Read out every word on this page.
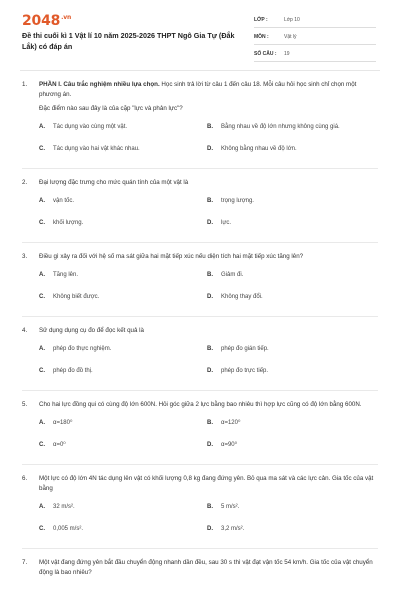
$2048^{.vn}$
Đề thi cuối kì 1 Vật lí 10 năm 2025-2026 THPT Ngô Gia Tự (Đắk Lắk) có đáp án
LỚP :	Lớp 10
MÔN :	Vật lý
SỐ CÂU :	19
1.	PHẦN I. Câu trắc nghiệm nhiều lựa chọn. Học sinh trả lời từ câu 1 đến câu 18. Mỗi câu hỏi học sinh chỉ chọn một phương án.
Đặc điểm nào sau đây là của cặp "lực và phản lực"?
A.	Tác dụng vào cùng một vật.	B.	Bằng nhau về độ lớn nhưng không cùng giá.
C.	Tác dụng vào hai vật khác nhau.	D.	Không bằng nhau về độ lớn.
2.	Đại lượng đặc trưng cho mức quán tính của một vật là
A.	vận tốc.	B.	trọng lượng.
C.	khối lượng.	D.	lực.
3.	Điều gì xảy ra đối với hệ số ma sát giữa hai mặt tiếp xúc nếu diện tích hai mặt tiếp xúc tăng lên?
A.	Tăng lên.	B.	Giảm đi.
C.	Không biết được.	D.	Không thay đổi.
4.	Sử dụng dụng cụ đo để đọc kết quả là
A.	phép đo thực nghiệm.	B.	phép đo gián tiếp.
C.	phép đo đồ thị.	D.	phép đo trực tiếp.
5.	Cho hai lực đồng qui có cùng độ lớn 600N. Hỏi góc giữa 2 lực bằng bao nhiêu thì hợp lực cũng có độ lớn bằng 600N.
A.	α=180⁰	B.	α=120⁰
C.	α=0⁰	D.	α=90⁰
6.	Một lực có độ lớn 4N tác dụng lên vật có khối lượng 0,8 kg đang đứng yên. Bỏ qua ma sát và các lực cản. Gia tốc của vật bằng
A.	32 m/s².	B.	5 m/s².
C.	0,005 m/s².	D.	3,2 m/s².
7.	Một vật đang đứng yên bắt đầu chuyển động nhanh dần đều, sau 30 s thì vật đạt vận tốc 54 km/h. Gia tốc của vật chuyển động là bao nhiêu?
